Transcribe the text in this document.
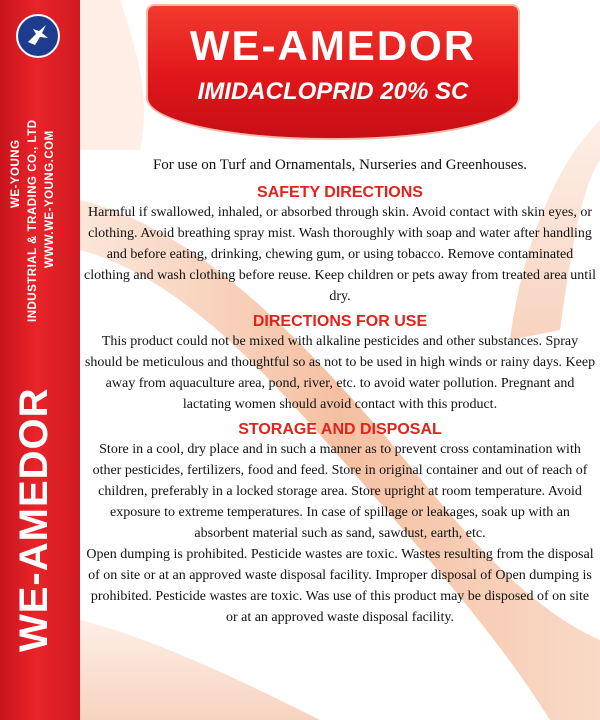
WE-YOUNG INDUSTRIAL & TRADING CO., LTD WWW.WE-YOUNG.COM
WE-AMEDOR
WE-AMEDOR
IMIDACLOPRID 20% SC

For use on Turf and Ornamentals, Nurseries and Greenhouses.

SAFETY DIRECTIONS

Harmful if swallowed, inhaled, or absorbed through skin. Avoid contact with skin eyes, or clothing. Avoid breathing spray mist. Wash thoroughly with soap and water after handling and before eating, drinking, chewing gum, or using tobacco. Remove contaminated clothing and wash clothing before reuse. Keep children or pets away from treated area until dry.

DIRECTIONS FOR USE

This product could not be mixed with alkaline pesticides and other substances. Spray should be meticulous and thoughtful so as not to be used in high winds or rainy days. Keep away from aquaculture area, pond, river, etc. to avoid water pollution. Pregnant and lactating women should avoid contact with this product.

STORAGE AND DISPOSAL

Store in a cool, dry place and in such a manner as to prevent cross contamination with other pesticides, fertilizers, food and feed. Store in original container and out of reach of children, preferably in a locked storage area. Store upright at room temperature. Avoid exposure to extreme temperatures. In case of spillage or leakages, soak up with an absorbent material such as sand, sawdust, earth, etc.

Open dumping is prohibited. Pesticide wastes are toxic. Wastes resulting from the disposal of on site or at an approved waste disposal facility. Improper disposal of Open dumping is prohibited. Pesticide wastes are toxic. Was use of this product may be disposed of on site or at an approved waste disposal facility.
